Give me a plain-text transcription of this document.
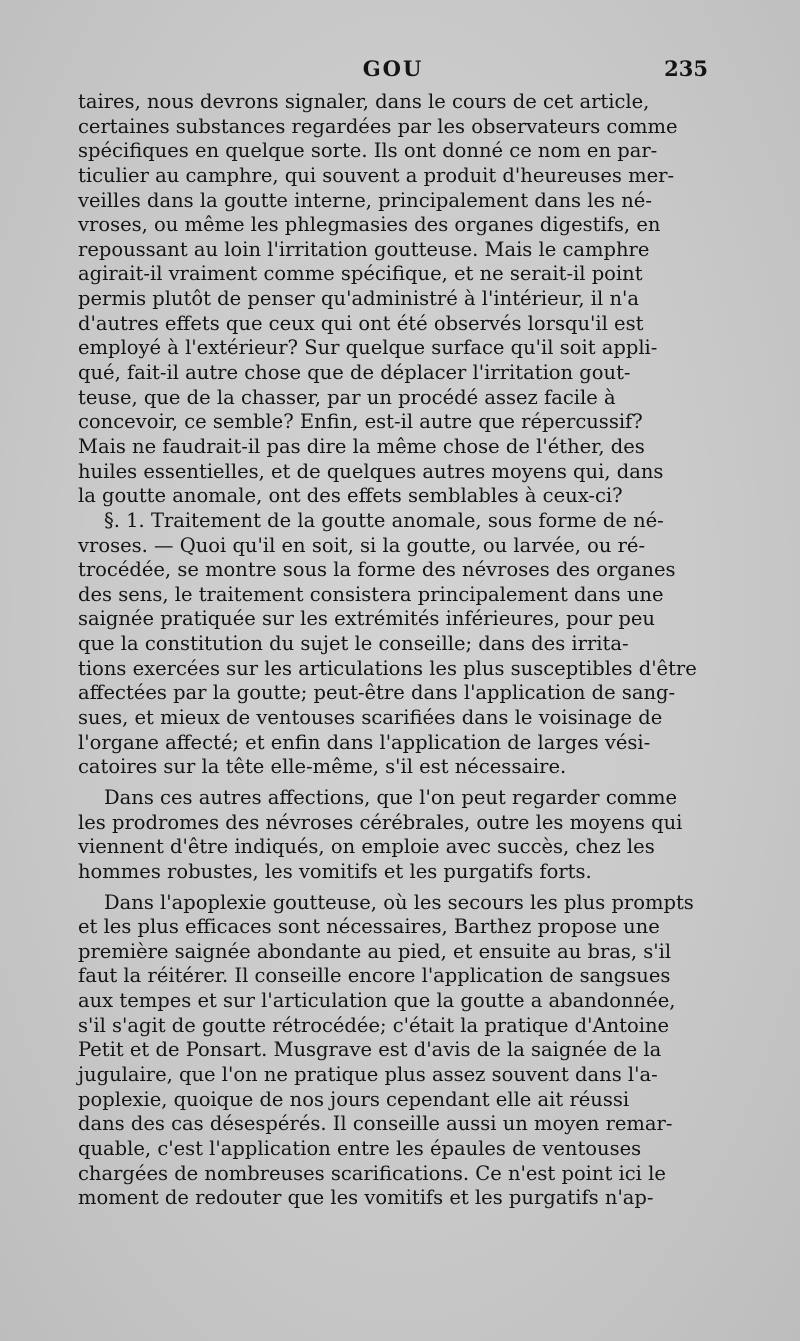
GOU	235
taires, nous devrons signaler, dans le cours de cet article,
certaines substances regardées par les observateurs comme
spécifiques en quelque sorte. Ils ont donné ce nom en par-
ticulier au camphre, qui souvent a produit d'heureuses mer-
veilles dans la goutte interne, principalement dans les né-
vroses, ou même les phlegmasies des organes digestifs, en
repoussant au loin l'irritation goutteuse. Mais le camphre
agirait-il vraiment comme spécifique, et ne serait-il point
permis plutôt de penser qu'administré à l'intérieur, il n'a
d'autres effets que ceux qui ont été observés lorsqu'il est
employé à l'extérieur? Sur quelque surface qu'il soit appli-
qué, fait-il autre chose que de déplacer l'irritation gout-
teuse, que de la chasser, par un procédé assez facile à
concevoir, ce semble? Enfin, est-il autre que répercussif?
Mais ne faudrait-il pas dire la même chose de l'éther, des
huiles essentielles, et de quelques autres moyens qui, dans
la goutte anomale, ont des effets semblables à ceux-ci?
§. 1. Traitement de la goutte anomale, sous forme de né-
vroses. — Quoi qu'il en soit, si la goutte, ou larvée, ou ré-
trocédée, se montre sous la forme des névroses des organes
des sens, le traitement consistera principalement dans une
saignée pratiquée sur les extrémités inférieures, pour peu
que la constitution du sujet le conseille; dans des irrita-
tions exercées sur les articulations les plus susceptibles d'être
affectées par la goutte; peut-être dans l'application de sang-
sues, et mieux de ventouses scarifiées dans le voisinage de
l'organe affecté; et enfin dans l'application de larges vési-
catoires sur la tête elle-même, s'il est nécessaire.
Dans ces autres affections, que l'on peut regarder comme
les prodromes des névroses cérébrales, outre les moyens qui
viennent d'être indiqués, on emploie avec succès, chez les
hommes robustes, les vomitifs et les purgatifs forts.
Dans l'apoplexie goutteuse, où les secours les plus prompts
et les plus efficaces sont nécessaires, Barthez propose une
première saignée abondante au pied, et ensuite au bras, s'il
faut la réitérer. Il conseille encore l'application de sangsues
aux tempes et sur l'articulation que la goutte a abandonnée,
s'il s'agit de goutte rétrocédée; c'était la pratique d'Antoine
Petit et de Ponsart. Musgrave est d'avis de la saignée de la
jugulaire, que l'on ne pratique plus assez souvent dans l'a-
poplexie, quoique de nos jours cependant elle ait réussi
dans des cas désespérés. Il conseille aussi un moyen remar-
quable, c'est l'application entre les épaules de ventouses
chargées de nombreuses scarifications. Ce n'est point ici le
moment de redouter que les vomitifs et les purgatifs n'ap-
